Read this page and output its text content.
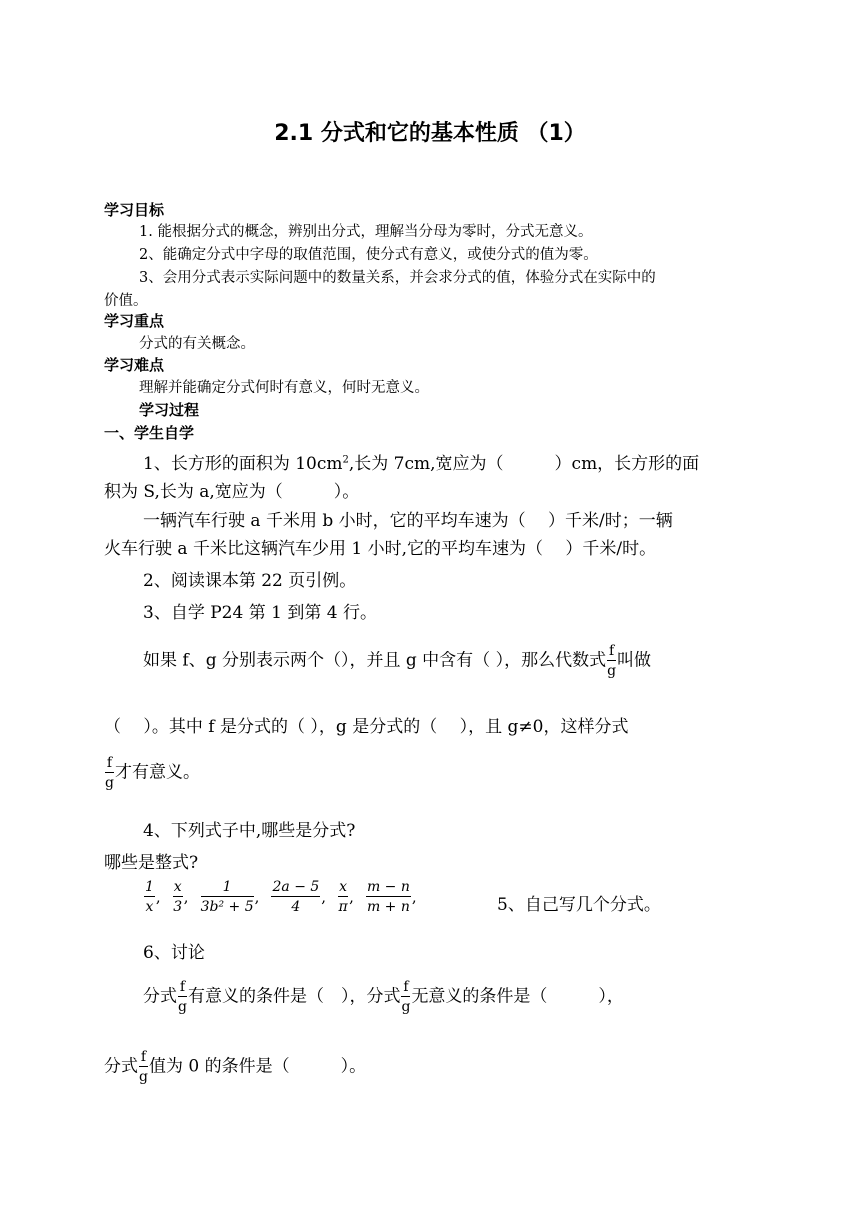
2.1 分式和它的基本性质 （1）
学习目标
1. 能根据分式的概念，辨别出分式，理解当分母为零时，分式无意义。
2、能确定分式中字母的取值范围，使分式有意义，或使分式的值为零。
3、会用分式表示实际问题中的数量关系，并会求分式的值，体验分式在实际中的
价值。
学习重点
分式的有关概念。
学习难点
理解并能确定分式何时有意义，何时无意义。
学习过程
一、学生自学
1、长方形的面积为 $10cm^2$,长为 7cm,宽应为（　　　）cm，长方形的面
积为 S,长为 a,宽应为（　　　）。
一辆汽车行驶 a 千米用 b 小时，它的平均车速为（　 ）千米/时；一辆
火车行驶 a 千米比这辆汽车少用 1 小时,它的平均车速为（　 ）千米/时。
2、阅读课本第 22 页引例。
3、自学 P24 第 1 到第 4 行。
如果 f、g 分别表示两个（），并且 g 中含有（ ），那么代数式 $\frac{f}{g}$ 叫做
（　 ）。其中 f 是分式的（ ），g 是分式的（　 ），且 g≠0，这样分式
$\frac{f}{g}$ 才有意义。
4、下列式子中,哪些是分式?
哪些是整式?
$\frac{1}{x}$ , $\frac{x}{3}$ , $\frac{1}{\text{3b² + 5}}$ , $\frac{2a - 5}{4}$ , $\frac{x}{\pi}$ , $\frac{m - n}{m + n}$ ,	5、自己写几个分式。
6、讨论
分式 $\frac{f}{g}$ 有意义的条件是（　），分式 $\frac{f}{g}$ 无意义的条件是（　　　），
分式 $\frac{f}{g}$ 值为 0 的条件是（　　　）。
